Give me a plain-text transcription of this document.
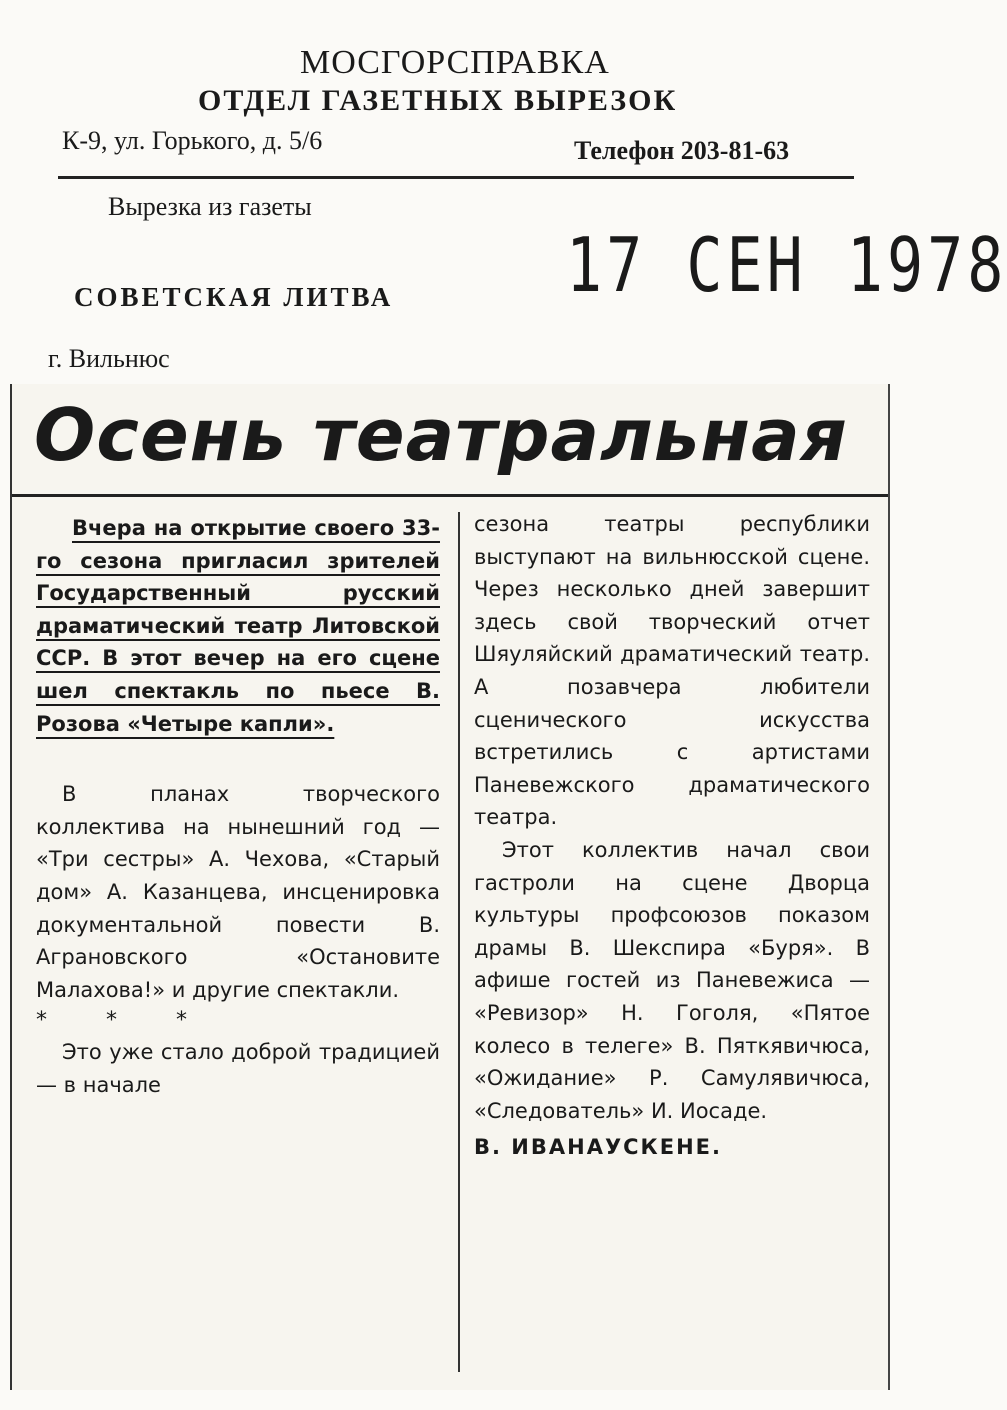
МОСГОРСПРАВКА
ОТДЕЛ ГАЗЕТНЫХ ВЫРЕЗОК
К-9, ул. Горького, д. 5/6	Телефон 203-81-63
Вырезка из газеты
СОВЕТСКАЯ ЛИТВА
г. Вильнюс
17 СЕН 1978
Осень театральная

Вчера на открытие своего 33-го сезона пригласил зрителей Государственный русский драматический театр Литовской ССР. В этот вечер на его сцене шел спектакль по пьесе В. Розова «Четыре капли».

В планах творческого коллектива на нынешний год — «Три сестры» А. Чехова, «Старый дом» А. Казанцева, инсценировка документальной повести В. Аграновского «Остановите Малахова!» и другие спектакли.

* * *

Это уже стало доброй традицией — в начале

сезона театры республики выступают на вильнюсской сцене. Через несколько дней завершит здесь свой творческий отчет Шяуляйский драматический театр. А позавчера любители сценического искусства встретились с артистами Паневежского драматического театра.

Этот коллектив начал свои гастроли на сцене Дворца культуры профсоюзов показом драмы В. Шекспира «Буря». В афише гостей из Паневежиса — «Ревизор» Н. Гоголя, «Пятое колесо в телеге» В. Пяткявичюса, «Ожидание» Р. Самулявичюса, «Следователь» И. Иосаде.

В. ИВАНАУСКЕНЕ.
